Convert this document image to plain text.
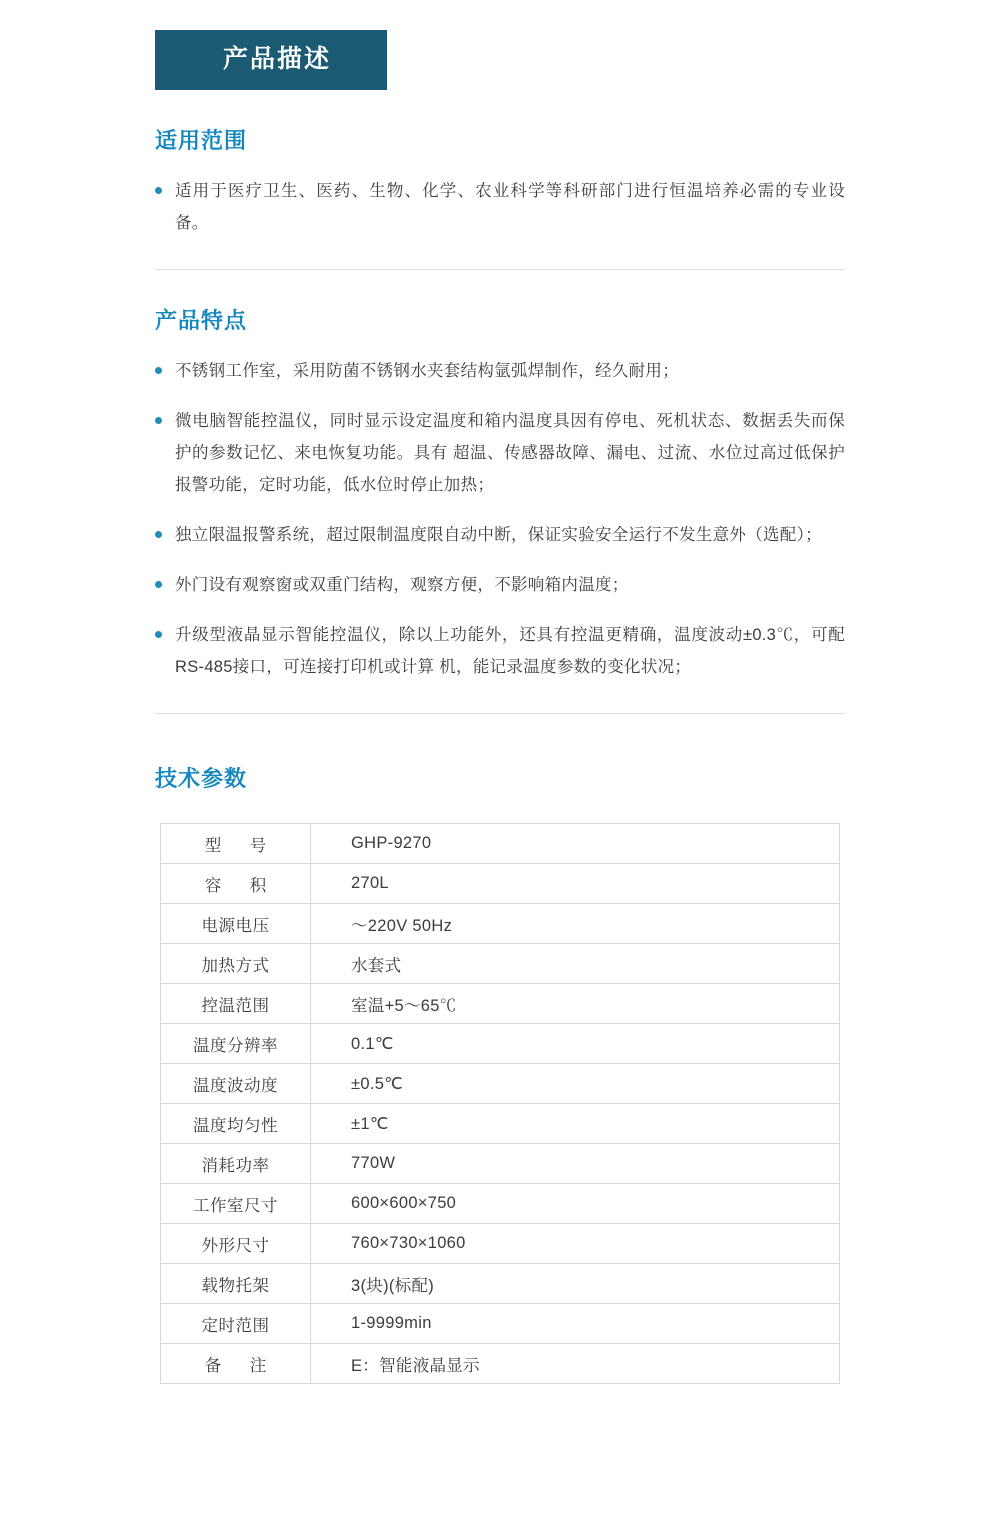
产品描述
适用范围
适用于医疗卫生、医药、生物、化学、农业科学等科研部门进行恒温培养必需的专业设备。
产品特点
不锈钢工作室，采用防菌不锈钢水夹套结构氩弧焊制作，经久耐用；
微电脑智能控温仪，同时显示设定温度和箱内温度具因有停电、死机状态、数据丢失而保护的参数记忆、来电恢复功能。具有 超温、传感器故障、漏电、过流、水位过高过低保护报警功能，定时功能，低水位时停止加热；
独立限温报警系统，超过限制温度限自动中断，保证实验安全运行不发生意外（选配）；
外门设有观察窗或双重门结构，观察方便，不影响箱内温度；
升级型液晶显示智能控温仪，除以上功能外，还具有控温更精确，温度波动±0.3℃，可配RS-485接口，可连接打印机或计算 机，能记录温度参数的变化状况；
技术参数
型　号	GHP-9270
容　积	270L
电源电压	～220V 50Hz
加热方式	水套式
控温范围	室温+5～65℃
温度分辨率	0.1℃
温度波动度	±0.5℃
温度均匀性	±1℃
消耗功率	770W
工作室尺寸	600×600×750
外形尺寸	760×730×1060
载物托架	3(块)(标配)
定时范围	1-9999min
备　注	E：智能液晶显示
